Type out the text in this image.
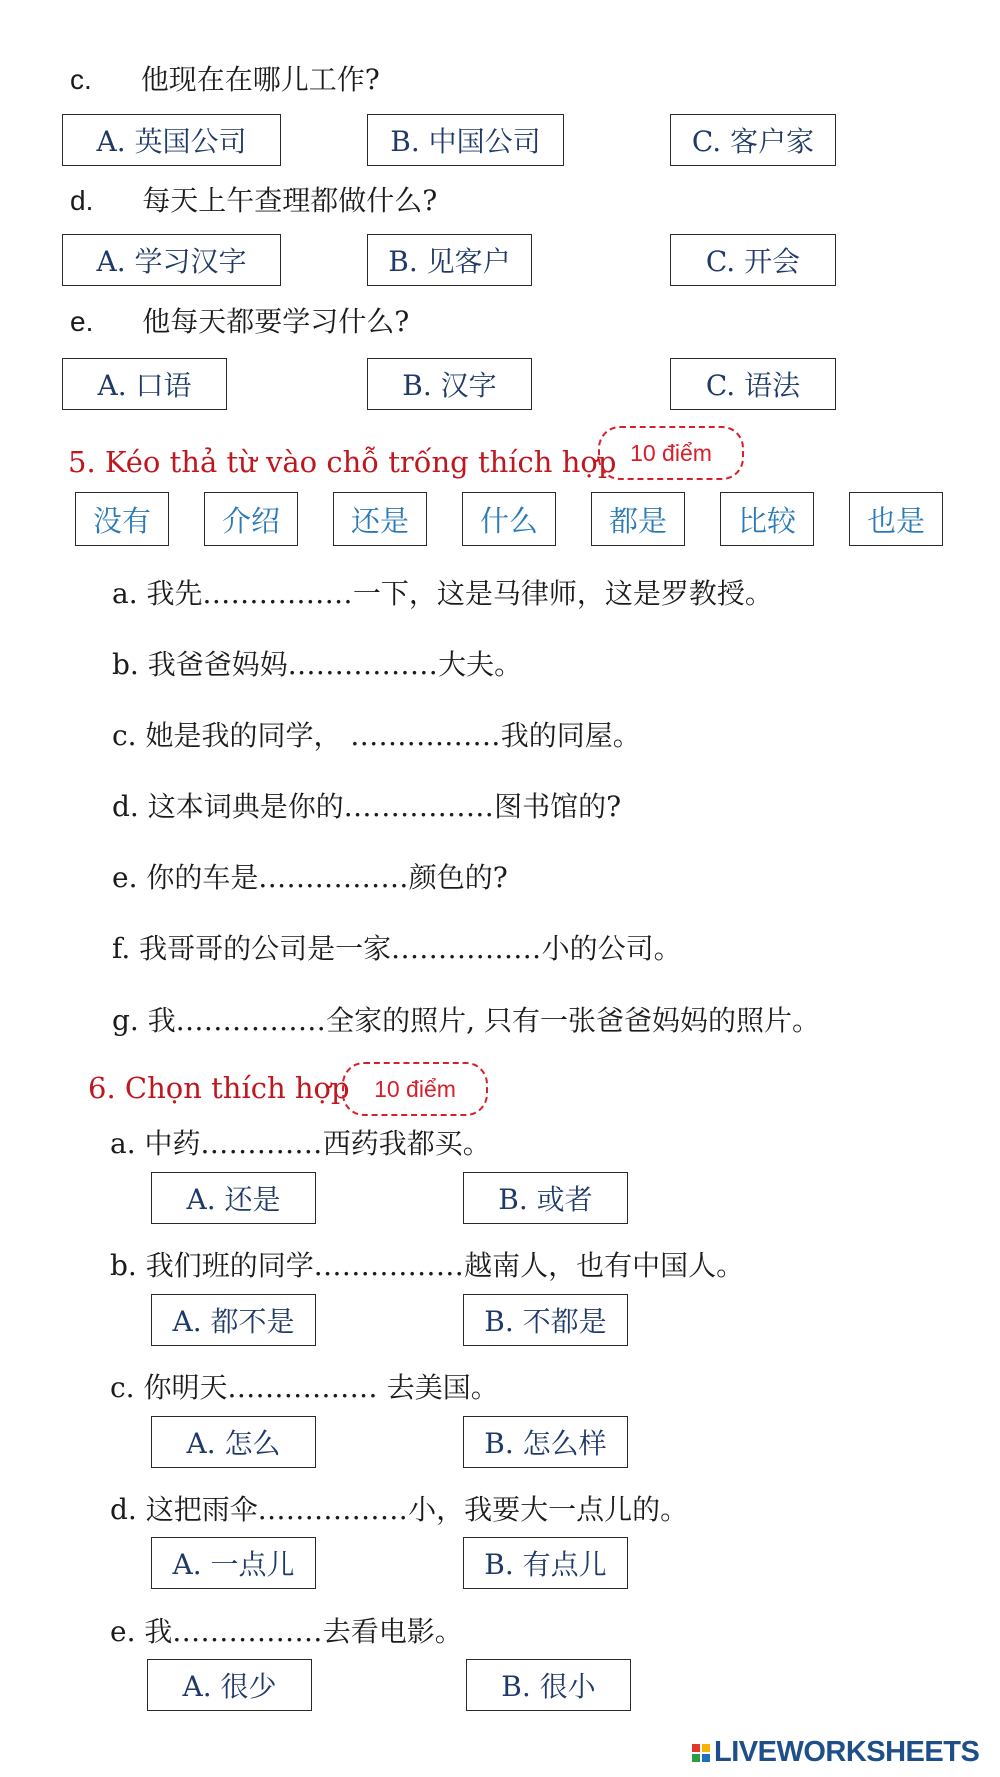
c. 他现在在哪儿工作?
A. 英国公司	B. 中国公司	C. 客户家
d. 每天上午查理都做什么?
A. 学习汉字	B. 见客户	C. 开会
e. 他每天都要学习什么?
A. 口语	B. 汉字	C. 语法
5. Kéo thả từ vào chỗ trống thích hợp 10 điểm
没有	介绍	还是	什么	都是	比较	也是
a. 我先................一下，这是马律师，这是罗教授。
b. 我爸爸妈妈................大夫。
c. 她是我的同学， ................我的同屋。
d. 这本词典是你的................图书馆的?
e. 你的车是................颜色的?
f. 我哥哥的公司是一家................小的公司。
g. 我................全家的照片, 只有一张爸爸妈妈的照片。
6. Chọn thích hợp	10 điểm
a. 中药.............西药我都买。
A. 还是	B. 或者
b. 我们班的同学................越南人，也有中国人。
A. 都不是	B. 不都是
c. 你明天................ 去美国。
A. 怎么	B. 怎么样
d. 这把雨伞................小，我要大一点儿的。
A. 一点儿	B. 有点儿
e. 我................去看电影。
A. 很少	B. 很小
LIVEWORKSHEETS
